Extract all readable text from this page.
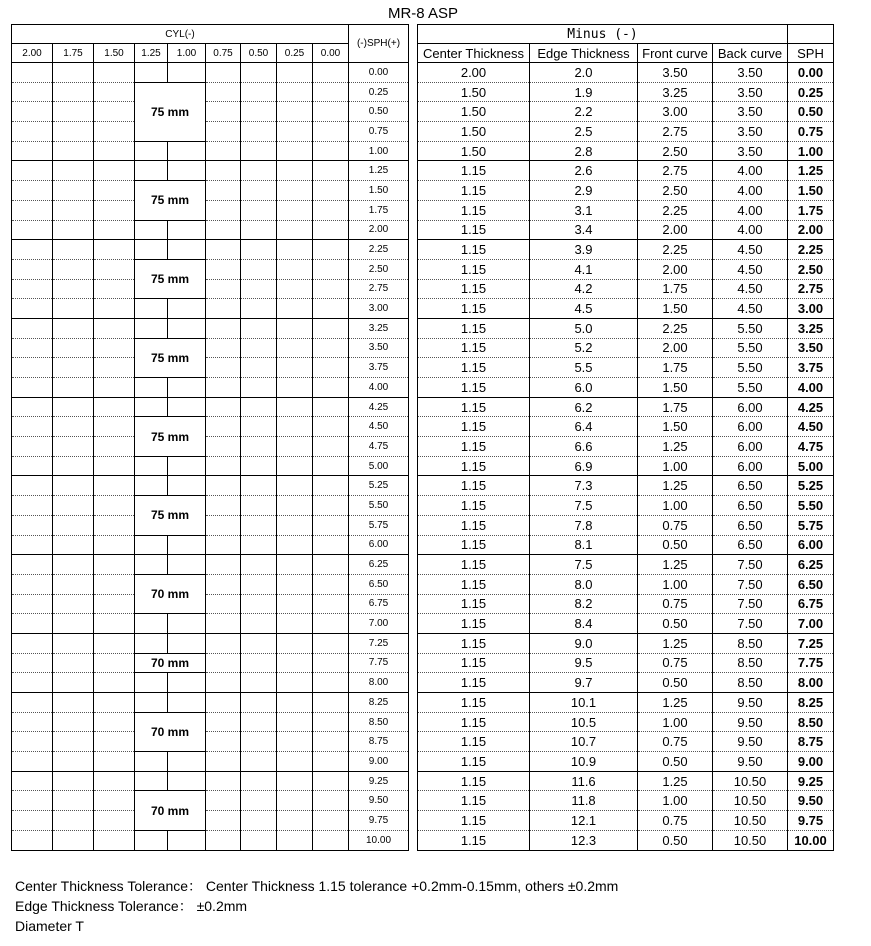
MR-8 ASP
CYL(-)									(-)SPH(+)
2.00	1.75	1.50	1.25	1.00	0.75	0.50	0.25	0.00	
									0.00
			75 mm						0.25
									0.50
									0.75
									1.00
									1.25
			75 mm						1.50
									1.75
									2.00
									2.25
			75 mm						2.50
									2.75
									3.00
									3.25
			75 mm						3.50
									3.75
									4.00
									4.25
			75 mm						4.50
									4.75
									5.00
									5.25
			75 mm						5.50
									5.75
									6.00
									6.25
			70 mm						6.50
									6.75
									7.00
									7.25
			70 mm						7.75
									8.00
									8.25
			70 mm						8.50
									8.75
									9.00
									9.25
			70 mm						9.50
									9.75
									10.00
Minus (-)				
Center Thickness	Edge Thickness	Front curve	Back curve	SPH
2.00	2.0	3.50	3.50	0.00
1.50	1.9	3.25	3.50	0.25
1.50	2.2	3.00	3.50	0.50
1.50	2.5	2.75	3.50	0.75
1.50	2.8	2.50	3.50	1.00
1.15	2.6	2.75	4.00	1.25
1.15	2.9	2.50	4.00	1.50
1.15	3.1	2.25	4.00	1.75
1.15	3.4	2.00	4.00	2.00
1.15	3.9	2.25	4.50	2.25
1.15	4.1	2.00	4.50	2.50
1.15	4.2	1.75	4.50	2.75
1.15	4.5	1.50	4.50	3.00
1.15	5.0	2.25	5.50	3.25
1.15	5.2	2.00	5.50	3.50
1.15	5.5	1.75	5.50	3.75
1.15	6.0	1.50	5.50	4.00
1.15	6.2	1.75	6.00	4.25
1.15	6.4	1.50	6.00	4.50
1.15	6.6	1.25	6.00	4.75
1.15	6.9	1.00	6.00	5.00
1.15	7.3	1.25	6.50	5.25
1.15	7.5	1.00	6.50	5.50
1.15	7.8	0.75	6.50	5.75
1.15	8.1	0.50	6.50	6.00
1.15	7.5	1.25	7.50	6.25
1.15	8.0	1.00	7.50	6.50
1.15	8.2	0.75	7.50	6.75
1.15	8.4	0.50	7.50	7.00
1.15	9.0	1.25	8.50	7.25
1.15	9.5	0.75	8.50	7.75
1.15	9.7	0.50	8.50	8.00
1.15	10.1	1.25	9.50	8.25
1.15	10.5	1.00	9.50	8.50
1.15	10.7	0.75	9.50	8.75
1.15	10.9	0.50	9.50	9.00
1.15	11.6	1.25	10.50	9.25
1.15	11.8	1.00	10.50	9.50
1.15	12.1	0.75	10.50	9.75
1.15	12.3	0.50	10.50	10.00
Center Thickness Tolerance： Center Thickness 1.15 tolerance +0.2mm-0.15mm, others ±0.2mm
Edge Thickness Tolerance： ±0.2mm
Diameter T
